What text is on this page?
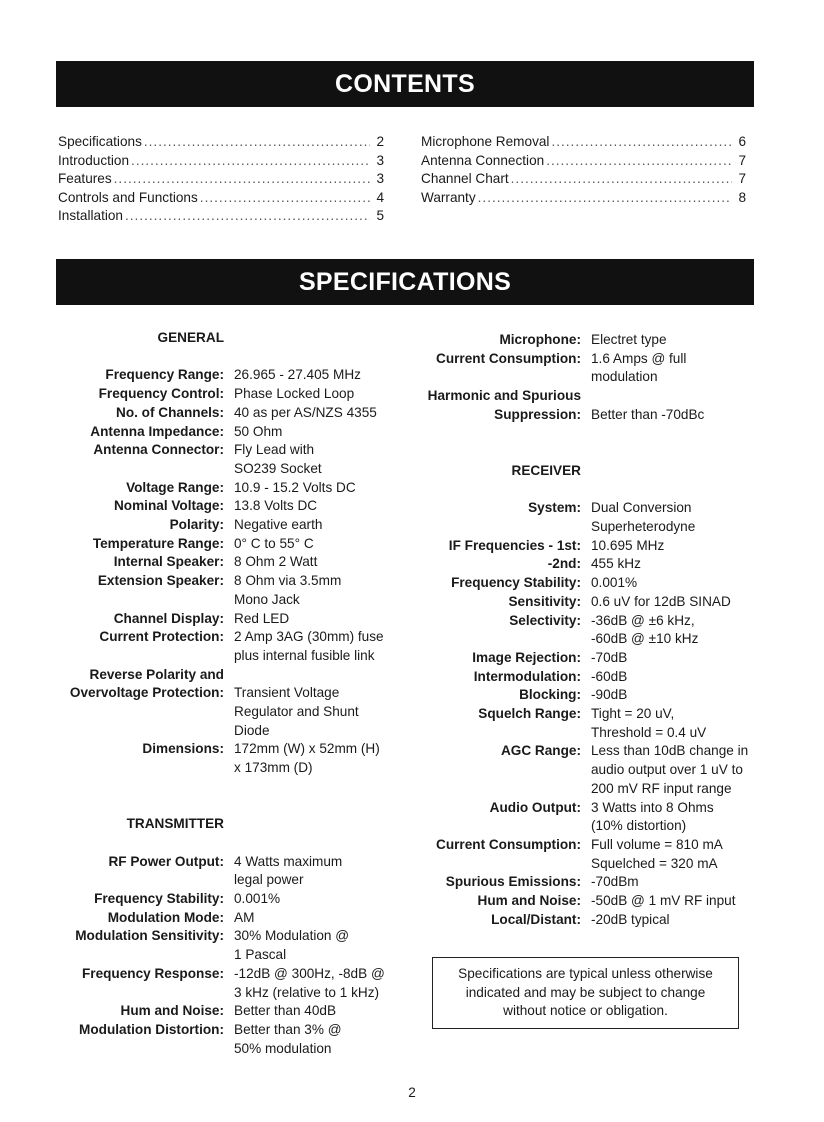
CONTENTS
Specifications .....	2
Introduction .....	3
Features .....	3
Controls and Functions .....	4
Installation .....	5
Microphone Removal .....	6
Antenna Connection .....	7
Channel Chart .....	7
Warranty .....	8
SPECIFICATIONS
GENERAL
Frequency Range: 26.965 - 27.405 MHz
Frequency Control: Phase Locked Loop
No. of Channels: 40 as per AS/NZS 4355
Antenna Impedance: 50 Ohm
Antenna Connector: Fly Lead with
SO239 Socket
Voltage Range: 10.9 - 15.2 Volts DC
Nominal Voltage: 13.8 Volts DC
Polarity: Negative earth
Temperature Range: 0° C to 55° C
Internal Speaker: 8 Ohm 2 Watt
Extension Speaker: 8 Ohm via 3.5mm
Mono Jack
Channel Display: Red LED
Current Protection: 2 Amp 3AG (30mm) fuse
plus internal fusible link
Reverse Polarity and
Overvoltage Protection: Transient Voltage
Regulator and Shunt
Diode
Dimensions: 172mm (W) x 52mm (H)
x 173mm (D)
TRANSMITTER
RF Power Output: 4 Watts maximum
legal power
Frequency Stability: 0.001%
Modulation Mode: AM
Modulation Sensitivity: 30% Modulation @
1 Pascal
Frequency Response: -12dB @ 300Hz, -8dB @
3 kHz (relative to 1 kHz)
Hum and Noise: Better than 40dB
Modulation Distortion: Better than 3% @
50% modulation
Microphone: Electret type
Current Consumption: 1.6 Amps @ full
modulation
Harmonic and Spurious
Suppression: Better than -70dBc
RECEIVER
System: Dual Conversion
Superheterodyne
IF Frequencies - 1st: 10.695 MHz
-2nd: 455 kHz
Frequency Stability: 0.001%
Sensitivity: 0.6 uV for 12dB SINAD
Selectivity: -36dB @ ±6 kHz,
-60dB @ ±10 kHz
Image Rejection: -70dB
Intermodulation: -60dB
Blocking: -90dB
Squelch Range: Tight = 20 uV,
Threshold = 0.4 uV
AGC Range: Less than 10dB change in
audio output over 1 uV to
200 mV RF input range
Audio Output: 3 Watts into 8 Ohms
(10% distortion)
Current Consumption: Full volume = 810 mA
Squelched = 320 mA
Spurious Emissions: -70dBm
Hum and Noise: -50dB @ 1 mV RF input
Local/Distant: -20dB typical
Specifications are typical unless otherwise
indicated and may be subject to change
without notice or obligation.
2
